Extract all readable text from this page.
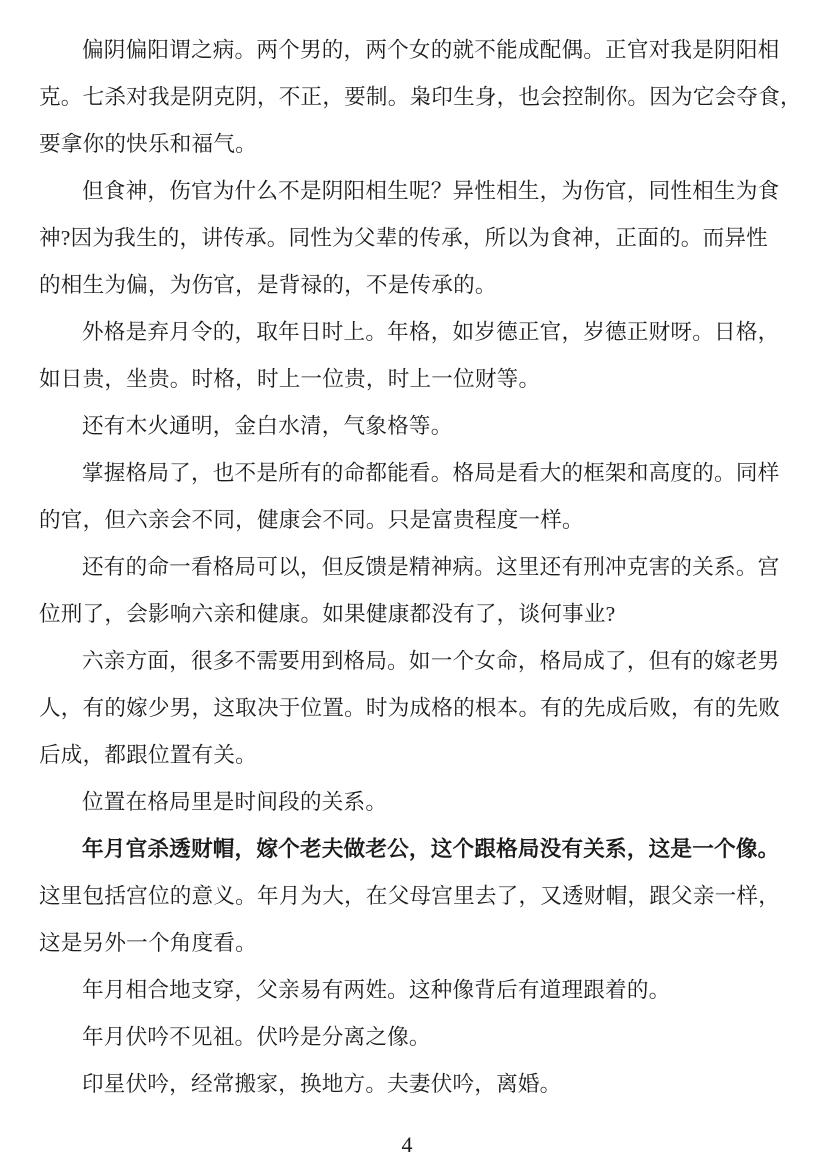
偏阴偏阳谓之病。两个男的，两个女的就不能成配偶。正官对我是阴阳相
克。七杀对我是阴克阴，不正，要制。枭印生身，也会控制你。因为它会夺食，
要拿你的快乐和福气。

但食神，伤官为什么不是阴阳相生呢？异性相生，为伤官，同性相生为食
神?因为我生的，讲传承。同性为父辈的传承，所以为食神，正面的。而异性
的相生为偏，为伤官，是背禄的，不是传承的。

外格是弃月令的，取年日时上。年格，如岁德正官，岁德正财呀。日格，
如日贵，坐贵。时格，时上一位贵，时上一位财等。

还有木火通明，金白水清，气象格等。

掌握格局了，也不是所有的命都能看。格局是看大的框架和高度的。同样
的官，但六亲会不同，健康会不同。只是富贵程度一样。

还有的命一看格局可以，但反馈是精神病。这里还有刑冲克害的关系。宫
位刑了，会影响六亲和健康。如果健康都没有了，谈何事业?

六亲方面，很多不需要用到格局。如一个女命，格局成了，但有的嫁老男
人，有的嫁少男，这取决于位置。时为成格的根本。有的先成后败，有的先败
后成，都跟位置有关。

位置在格局里是时间段的关系。

年月官杀透财帽，嫁个老夫做老公，这个跟格局没有关系，这是一个像。
这里包括宫位的意义。年月为大，在父母宫里去了，又透财帽，跟父亲一样，
这是另外一个角度看。

年月相合地支穿，父亲易有两姓。这种像背后有道理跟着的。

年月伏吟不见祖。伏吟是分离之像。

印星伏吟，经常搬家，换地方。夫妻伏吟，离婚。

4
